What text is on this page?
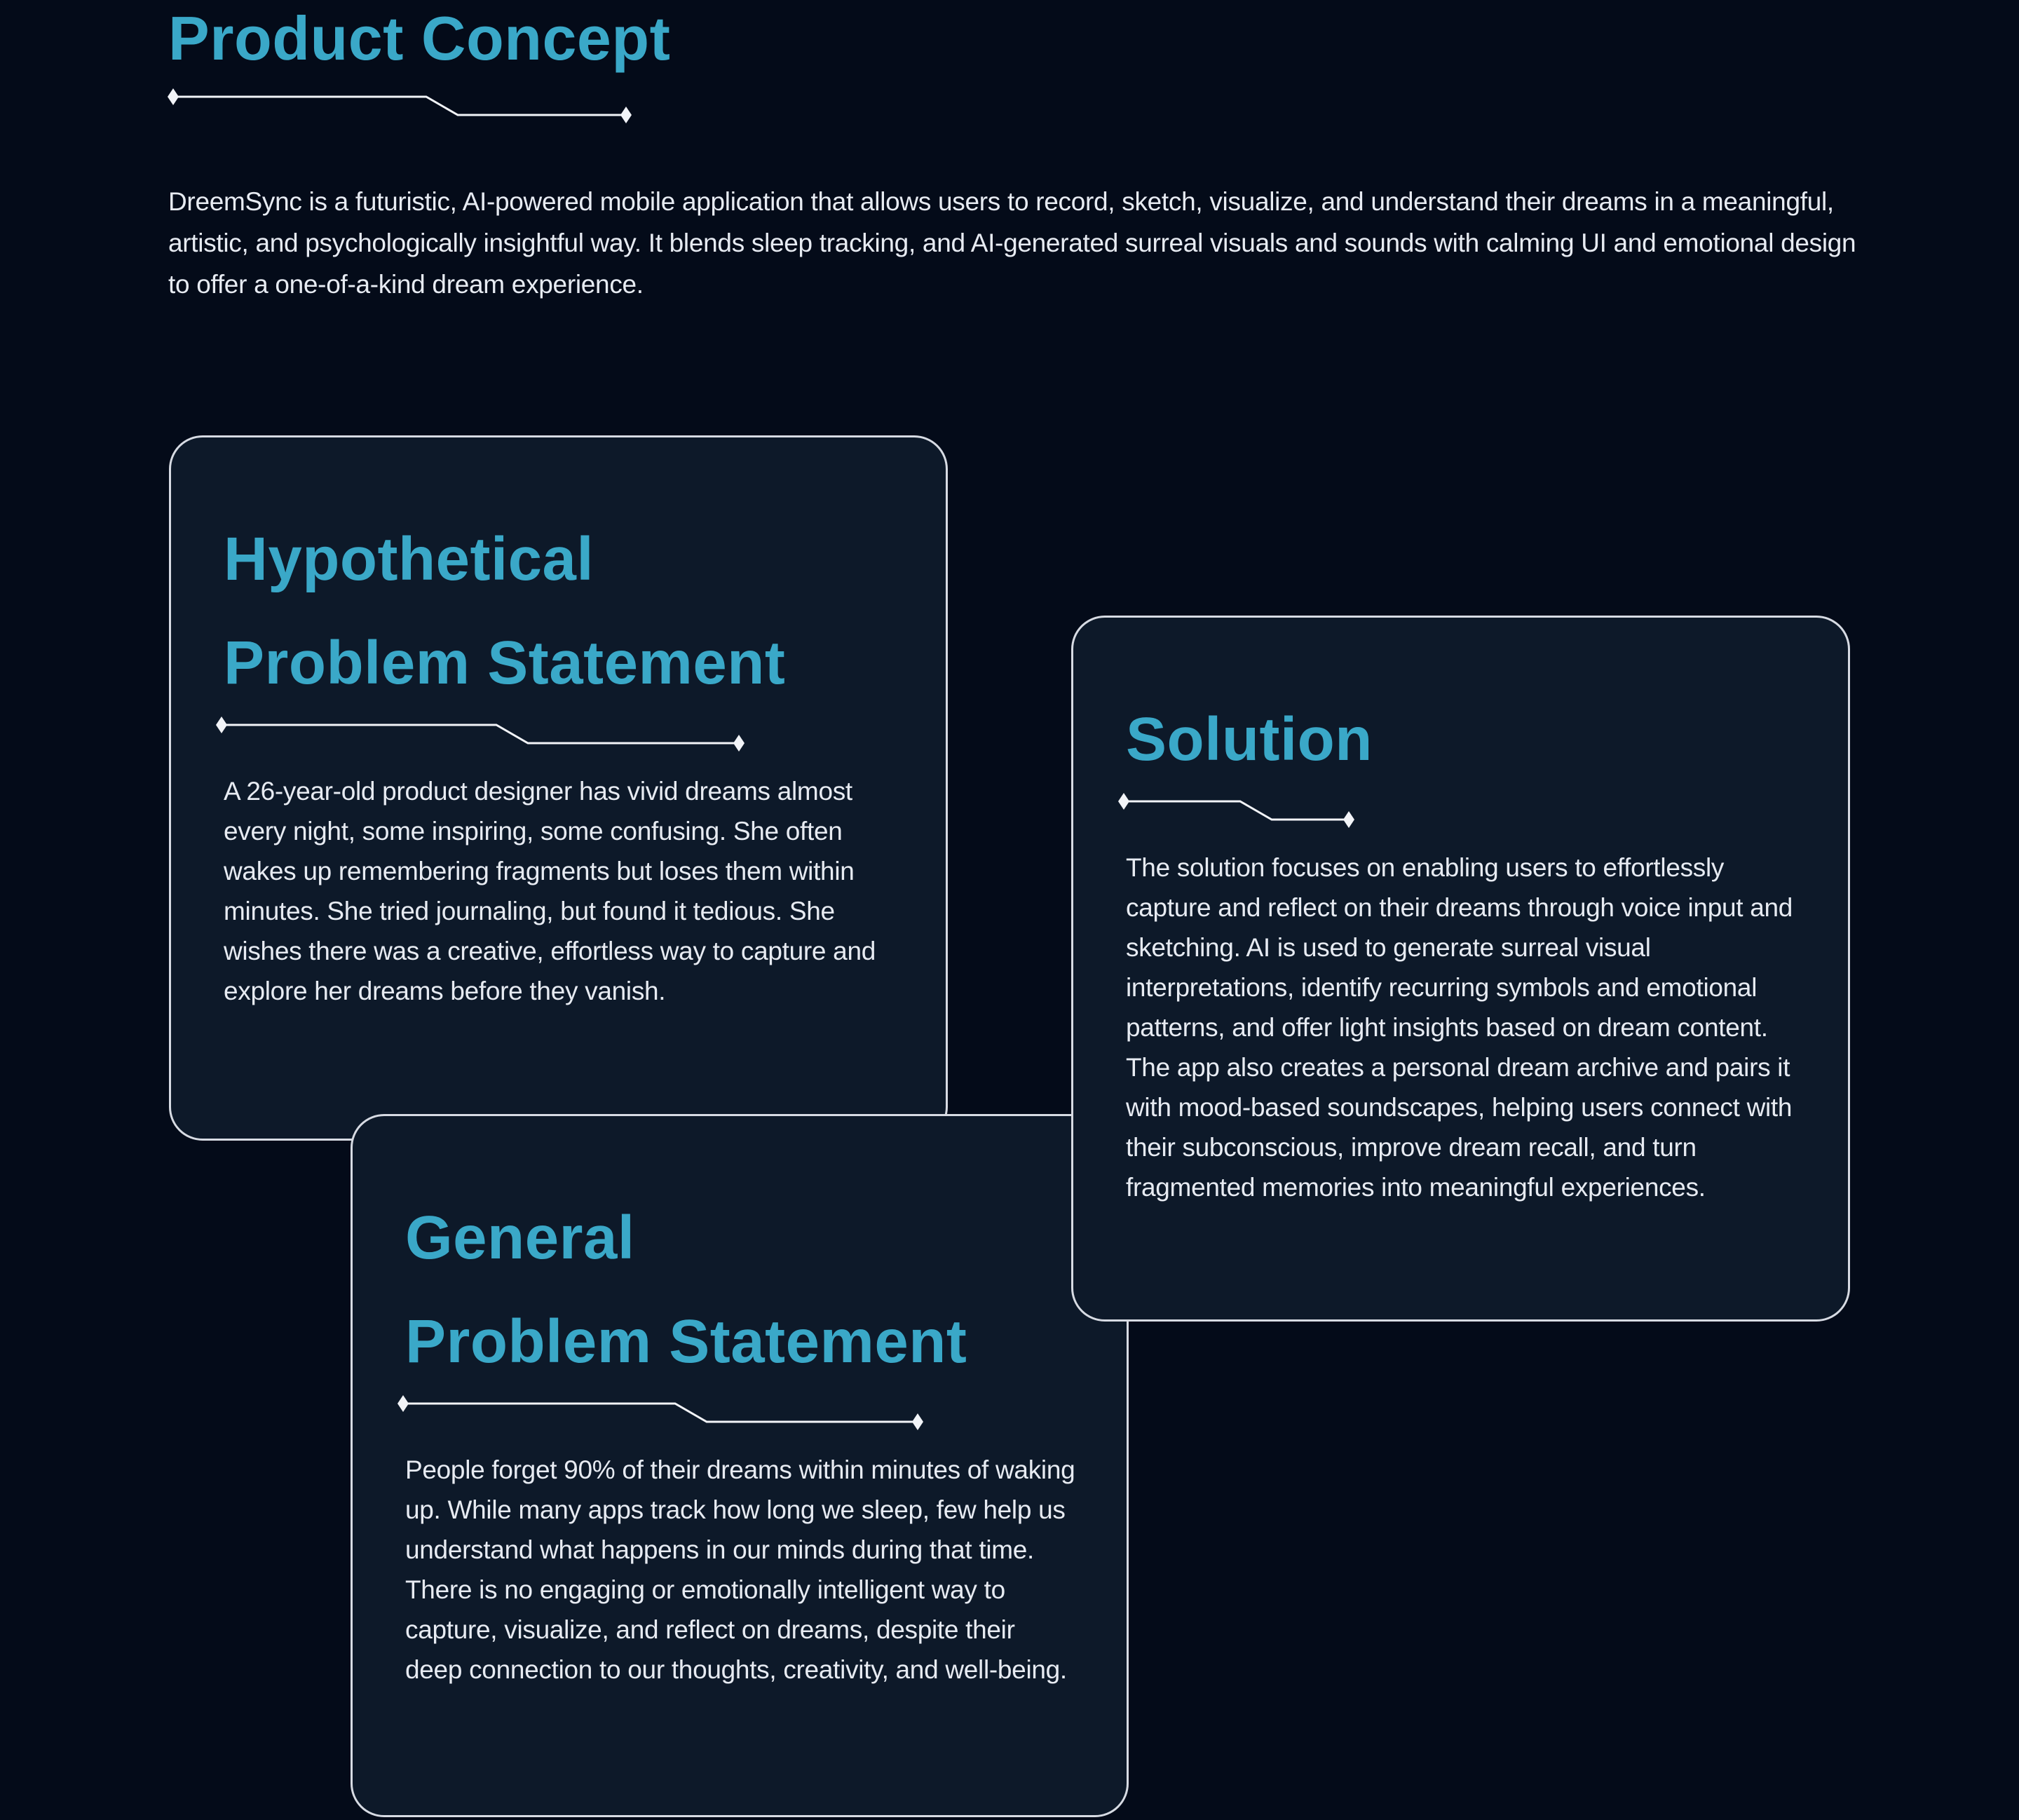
Product Concept

DreemSync is a futuristic, AI-powered mobile application that allows users to record, sketch, visualize, and understand their dreams in a meaningful, artistic, and psychologically insightful way. It blends sleep tracking, and AI-generated surreal visuals and sounds with calming UI and emotional design to offer a one-of-a-kind dream experience.

Hypothetical
Problem Statement

A 26-year-old product designer has vivid dreams almost every night, some inspiring, some confusing. She often wakes up remembering fragments but loses them within minutes. She tried journaling, but found it tedious. She wishes there was a creative, effortless way to capture and explore her dreams before they vanish.

General
Problem Statement

People forget 90% of their dreams within minutes of waking up. While many apps track how long we sleep, few help us understand what happens in our minds during that time. There is no engaging or emotionally intelligent way to capture, visualize, and reflect on dreams, despite their deep connection to our thoughts, creativity, and well-being.

Solution

The solution focuses on enabling users to effortlessly capture and reflect on their dreams through voice input and sketching. AI is used to generate surreal visual interpretations, identify recurring symbols and emotional patterns, and offer light insights based on dream content. The app also creates a personal dream archive and pairs it with mood-based soundscapes, helping users connect with their subconscious, improve dream recall, and turn fragmented memories into meaningful experiences.
